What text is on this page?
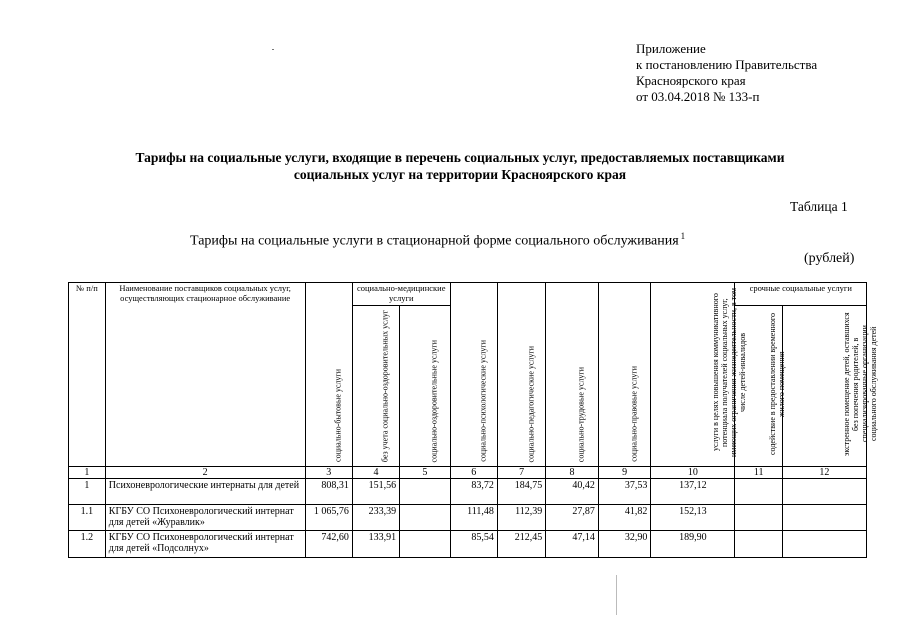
Приложение
к постановлению Правительства
Красноярского края
от 03.04.2018 № 133-п
Тарифы на социальные услуги, входящие в перечень социальных услуг, предоставляемых поставщиками
социальных услуг на территории Красноярского края
Таблица 1
Тарифы на социальные услуги в стационарной форме социального обслуживания $^1$
(рублей)
№ п/п	Наименование поставщиков социальных услуг, осуществляющих стационарное обслуживание	социально-бытовые услуги	социально-медицинские услуги		социально-психологические услуги	социально-педагогические услуги	социально-трудовые услуги	социально-правовые услуги	услуги в целях повышения коммуникативного потенциала получателей социальных услуг, имеющих ограничения жизнедеятельности, в том числе детей-инвалидов	срочные социальные услуги	

			без учета социально-оздоровительных услуг	социально-оздоровительные услуги						содействие в предоставлении временного жилого помещения	экстренное помещение детей, оставшихся без попечения родителей, в специализированные организации социального обслуживания детей

1	2	3	4	5	6	7	8	9	10	11	12
1	Психоневрологические интернаты для детей	808,31	151,56		83,72	184,75	40,42	37,53	137,12		
1.1	КГБУ СО Психоневрологический интернат для детей «Журавлик»	1 065,76	233,39		111,48	112,39	27,87	41,82	152,13		
1.2	КГБУ СО Психоневрологический интернат для детей «Подсолнух»	742,60	133,91		85,54	212,45	47,14	32,90	189,90		
